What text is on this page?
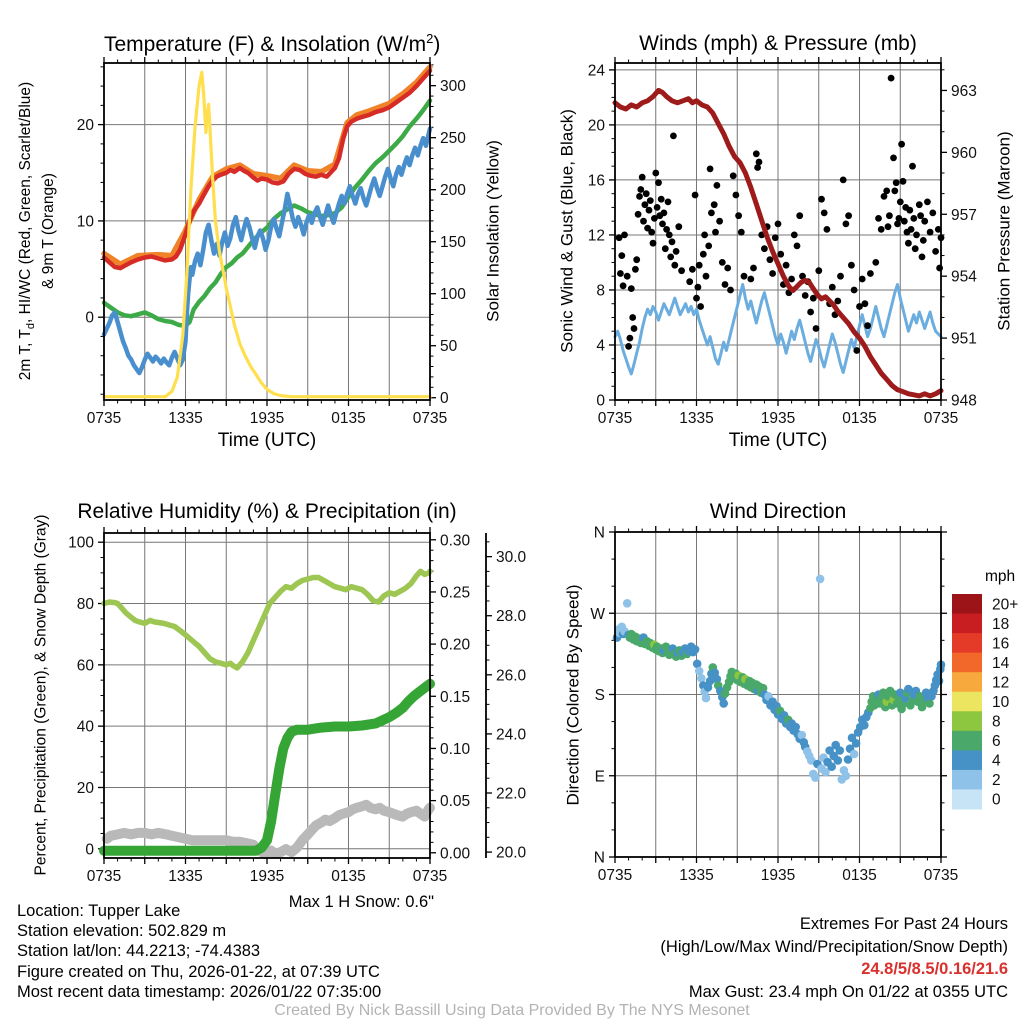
0735	1335	1935	0135	0735
0
10
20
0
50
100
150
200
250
300
0735	1335	1935	0135	0735
0
4
8
12
16
20
24
948
951
954
957
960
963
0735	1335	1935	0135	0735
0
20
40
60
80
100
0.00
0.05
0.10
0.15
0.20
0.25
0.30
20.0
22.0
24.0
26.0
28.0
30.0
0735	1335	1935	0135	0735
N
E
S
W
N
20+
18
16
14
12
10
8
6
4
2
0
Temperature (F) & Insolation $(W/m^2)$	Winds (mph) & Pressure (mb)
Relative Humidity (%) & Precipitation (in)	Wind Direction
2m T, $T_d$, HI/WC (Red, Green, Scarlet/Blue) & 9m T (Orange)	Solar Insolation (Yellow)	Sonic Wind & Gust (Blue, Black)	Station Pressure (Maroon)
Percent, Precipitation (Green), & Snow Depth (Gray)	Direction (Colored By Speed)
Time (UTC)	Time (UTC)
mph
Location: Tupper Lake
Station elevation: 502.829 m
Station lat/lon: 44.2213; -74.4383
Figure created on Thu, 2026-01-22, at 07:39 UTC
Most recent data timestamp: 2026/01/22 07:35:00
Max 1 H Snow: 0.6"
Extremes For Past 24 Hours
(High/Low/Max Wind/Precipitation/Snow Depth)
24.8/5/8.5/0.16/21.6
Max Gust: 23.4 mph On 01/22 at 0355 UTC
Created By Nick Bassill Using Data Provided By The NYS Mesonet
